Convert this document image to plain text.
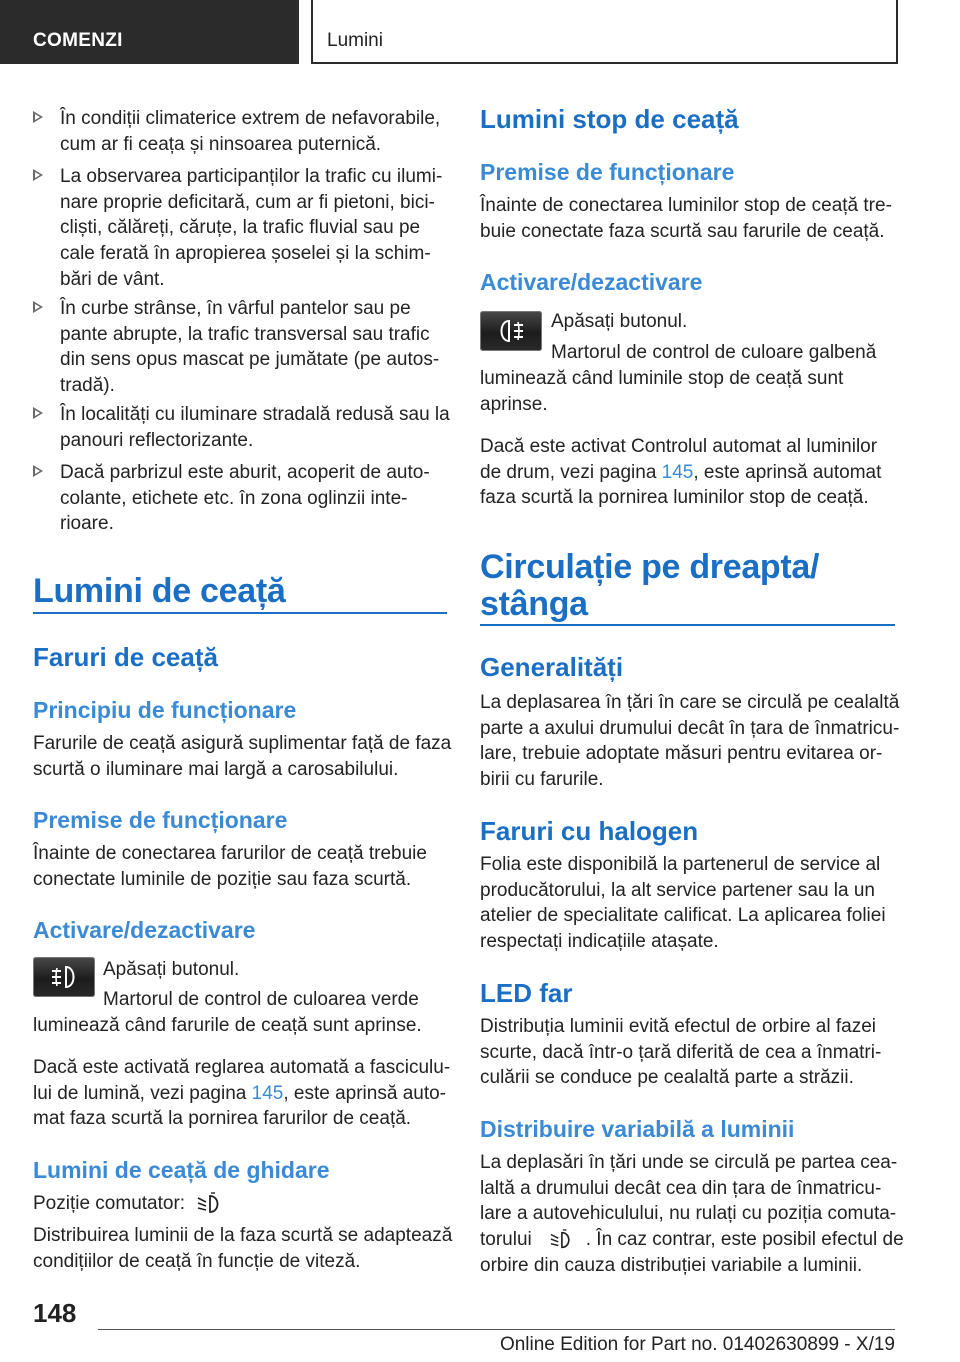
COMENZI	Lumini
În condiții climaterice extrem de nefavorabile,
cum ar fi ceața și ninsoarea puternică.
La observarea participanților la trafic cu ilumi-
nare proprie deficitară, cum ar fi pietoni, bici-
cliști, călăreți, căruțe, la trafic fluvial sau pe
cale ferată în apropierea șoselei și la schim-
bări de vânt.
În curbe strânse, în vârful pantelor sau pe
pante abrupte, la trafic transversal sau trafic
din sens opus mascat pe jumătate (pe autos-
tradă).
În localități cu iluminare stradală redusă sau la
panouri reflectorizante.
Dacă parbrizul este aburit, acoperit de auto-
colante, etichete etc. în zona oglinzii inte-
rioare.
Lumini de ceață
Faruri de ceață
Principiu de funcționare
Farurile de ceață asigură suplimentar față de faza
scurtă o iluminare mai largă a carosabilului.
Premise de funcționare
Înainte de conectarea farurilor de ceață trebuie
conectate luminile de poziție sau faza scurtă.
Activare/dezactivare
Apăsați butonul.
Martorul de control de culoarea verde
luminează când farurile de ceață sunt aprinse.
Dacă este activată reglarea automată a fasciculu-
lui de lumină, vezi pagina 145, este aprinsă auto-
mat faza scurtă la pornirea farurilor de ceață.
Lumini de ceață de ghidare
Poziție comutator:
Distribuirea luminii de la faza scurtă se adaptează
condițiilor de ceață în funcție de viteză.
Lumini stop de ceață
Premise de funcționare
Înainte de conectarea luminilor stop de ceață tre-
buie conectate faza scurtă sau farurile de ceață.
Activare/dezactivare
Apăsați butonul.
Martorul de control de culoare galbenă
luminează când luminile stop de ceață sunt
aprinse.
Dacă este activat Controlul automat al luminilor
de drum, vezi pagina 145, este aprinsă automat
faza scurtă la pornirea luminilor stop de ceață.
Circulație pe dreapta/
stânga
Generalități
La deplasarea în țări în care se circulă pe cealaltă
parte a axului drumului decât în țara de înmatricu-
lare, trebuie adoptate măsuri pentru evitarea or-
birii cu farurile.
Faruri cu halogen
Folia este disponibilă la partenerul de service al
producătorului, la alt service partener sau la un
atelier de specialitate calificat. La aplicarea foliei
respectați indicațiile atașate.
LED far
Distribuția luminii evită efectul de orbire al fazei
scurte, dacă într-o țară diferită de cea a înmatri-
culării se conduce pe cealaltă parte a străzii.
Distribuire variabilă a luminii
La deplasări în țări unde se circulă pe partea cea-
laltă a drumului decât cea din țara de înmatricu-
lare a autovehiculului, nu rulați cu poziția comuta-
torului	. În caz contrar, este posibil efectul de
orbire din cauza distribuției variabile a luminii.
148
Online Edition for Part no. 01402630899 - X/19
